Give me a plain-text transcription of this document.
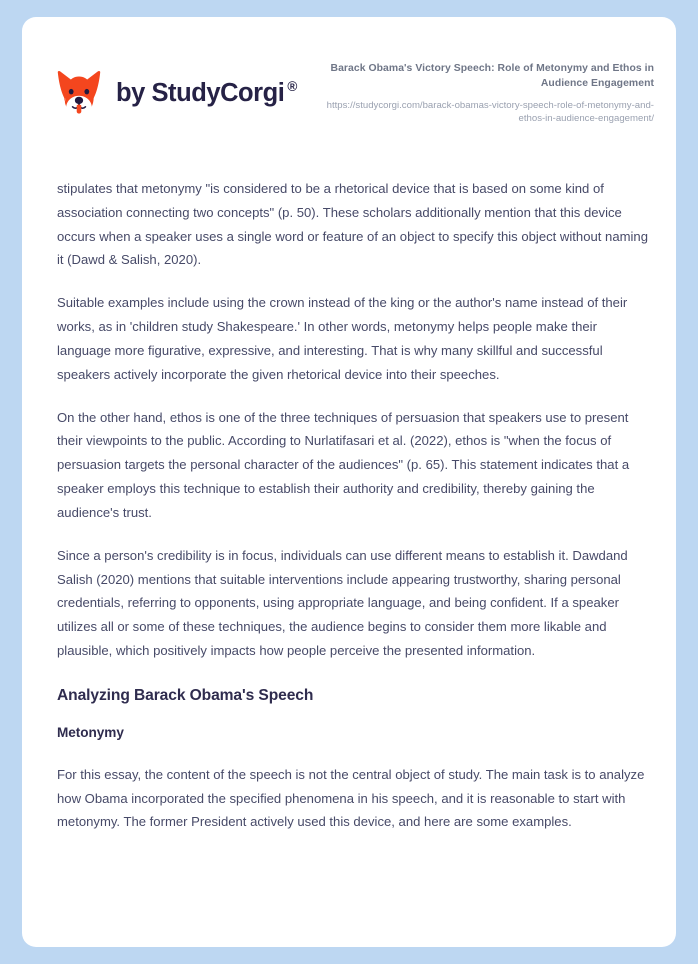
by StudyCorgi ®
Barack Obama's Victory Speech: Role of Metonymy and Ethos in Audience Engagement
https://studycorgi.com/barack-obamas-victory-speech-role-of-metonymy-and-ethos-in-audience-engagement/

stipulates that metonymy "is considered to be a rhetorical device that is based on some kind of association connecting two concepts" (p. 50). These scholars additionally mention that this device occurs when a speaker uses a single word or feature of an object to specify this object without naming it (Dawd & Salish, 2020).

Suitable examples include using the crown instead of the king or the author's name instead of their works, as in 'children study Shakespeare.' In other words, metonymy helps people make their language more figurative, expressive, and interesting. That is why many skillful and successful speakers actively incorporate the given rhetorical device into their speeches.

On the other hand, ethos is one of the three techniques of persuasion that speakers use to present their viewpoints to the public. According to Nurlatifasari et al. (2022), ethos is "when the focus of persuasion targets the personal character of the audiences" (p. 65). This statement indicates that a speaker employs this technique to establish their authority and credibility, thereby gaining the audience's trust.

Since a person's credibility is in focus, individuals can use different means to establish it. Dawdand Salish (2020) mentions that suitable interventions include appearing trustworthy, sharing personal credentials, referring to opponents, using appropriate language, and being confident. If a speaker utilizes all or some of these techniques, the audience begins to consider them more likable and plausible, which positively impacts how people perceive the presented information.

Analyzing Barack Obama's Speech
Metonymy

For this essay, the content of the speech is not the central object of study. The main task is to analyze how Obama incorporated the specified phenomena in his speech, and it is reasonable to start with metonymy. The former President actively used this device, and here are some examples.
